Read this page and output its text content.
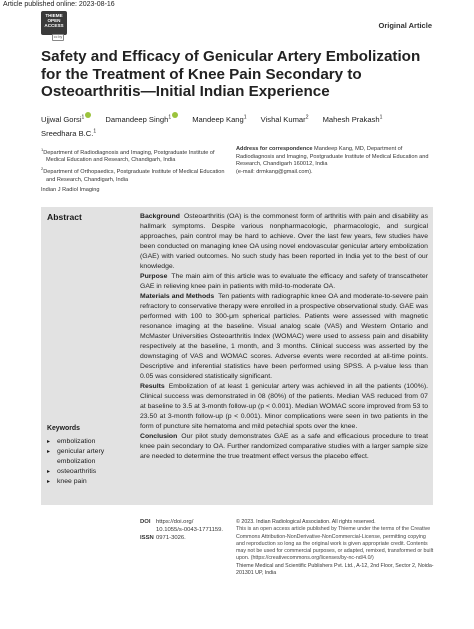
Article published online: 2023-08-16
THIEME
OPEN
ACCESS
cc by
Original Article
Safety and Efficacy of Genicular Artery Embolization for the Treatment of Knee Pain Secondary to Osteoarthritis—Initial Indian Experience
Ujjwal Gorsi$^1$	Damandeep Singh$^1$	Mandeep Kang$^1$ Vishal Kumar$^2$ Mahesh Prakash$^1$
Sreedhara B.C.$^1$

$^1$Department of Radiodiagnosis and Imaging, Postgraduate Institute of Medical Education and Research, Chandigarh, India

$^2$Department of Orthopaedics, Postgraduate Institute of Medical Education and Research, Chandigarh, India

Address for correspondence Mandeep Kang, MD, Department of Radiodiagnosis and Imaging, Postgraduate Institute of Medical Education and Research, Chandigarh 160012, India
(e-mail: drmkang@gmail.com).
Indian J Radiol Imaging
Abstract	Background Osteoarthritis (OA) is the commonest form of arthritis with pain and disability as hallmark symptoms. Despite various nonpharmacologic, pharmacologic, and surgical approaches, pain control may be hard to achieve. Over the last few years, few studies have been conducted on managing knee OA using novel endovascular genicular artery embolization (GAE) with varied outcomes. No such study has been reported in India yet to the best of our knowledge.

Purpose The main aim of this article was to evaluate the efficacy and safety of transcatheter GAE in relieving knee pain in patients with mild-to-moderate OA.

Materials and Methods Ten patients with radiographic knee OA and moderate-to-severe pain refractory to conservative therapy were enrolled in a prospective observational study. GAE was performed with 100 to 300-μm spherical particles. Patients were assessed with magnetic resonance imaging at the baseline. Visual analog scale (VAS) and Western Ontario and McMaster Universities Osteoarthritis Index (WOMAC) were used to assess pain and disability respectively at the baseline, 1 month, and 3 months. Clinical success was asserted by the downstaging of VAS and WOMAC scores. Adverse events were recorded at all-time points. Descriptive and inferential statistics have been performed using SPSS. A p-value less than 0.05 was considered statistically significant.

Results Embolization of at least 1 genicular artery was achieved in all the patients (100%). Clinical success was demonstrated in 08 (80%) of the patients. Median VAS reduced from 07 at baseline to 3.5 at 3-month follow-up (p < 0.001). Median WOMAC score improved from 53 to 23.50 at 3-month follow-up (p < 0.001). Minor complications were seen in two patients in the form of puncture site hematoma and mild petechial spots over the knee.

Conclusion Our pilot study demonstrates GAE as a safe and efficacious procedure to treat knee pain secondary to OA. Further randomized comparative studies with a larger sample size are needed to determine the true treatment effect versus the placebo effect.

Keywords
▸ embolization
▸ genicular artery embolization
▸ osteoarthritis
▸ knee pain
DOI https://doi.org/
10.1055/s-0043-1771159.
ISSN 0971-3026.
© 2023. Indian Radiological Association. All rights reserved.
This is an open access article published by Thieme under the terms of the Creative Commons Attribution-NonDerivative-NonCommercial-License, permitting copying and reproduction so long as the original work is given appropriate credit. Contents may not be used for commercial purposes, or adapted, remixed, transformed or built upon. (https://creativecommons.org/licenses/by-nc-nd/4.0/)
Thieme Medical and Scientific Publishers Pvt. Ltd., A-12, 2nd Floor, Sector 2, Noida-201301 UP, India
